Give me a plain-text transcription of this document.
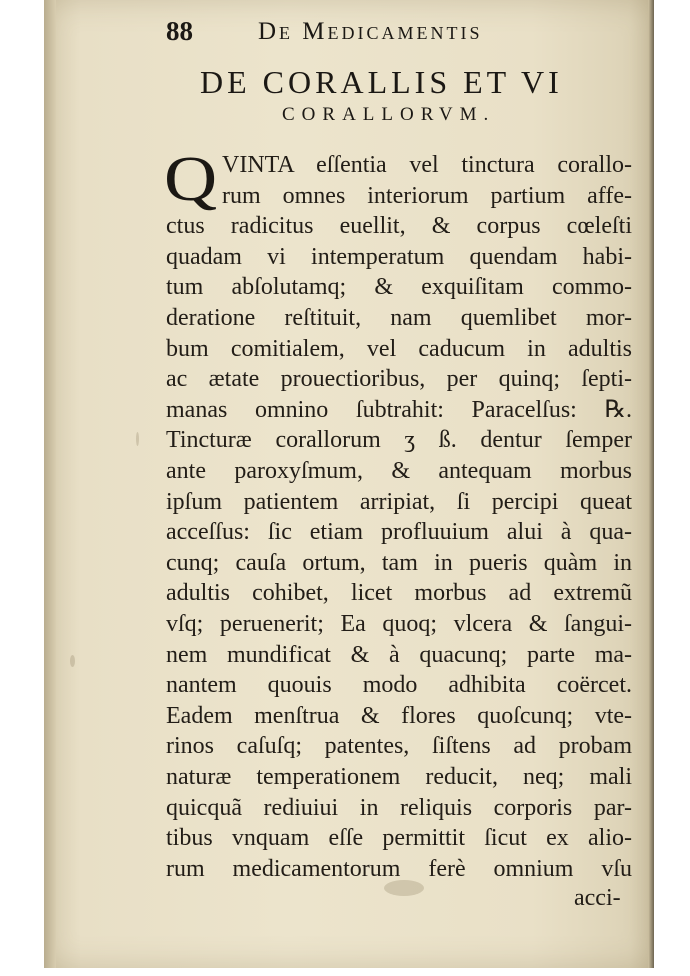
88	De Medicamentis
DE CORALLIS ET VI
CORALLORVM.
Q VINTA eſſentia vel tinctura corallo-
rum omnes interiorum partium affe-
ctus radicitus euellit, & corpus cœleſti
quadam vi intemperatum quendam habi-
tum abſolutamq; & exquiſitam commo-
deratione reſtituit, nam quemlibet mor-
bum comitialem, vel caducum in adultis
ac ætate prouectioribus, per quinq; ſepti-
manas omnino ſubtrahit: Paracelſus: ℞.
Tincturæ corallorum ʒ ß. dentur ſemper
ante paroxyſmum, & antequam morbus
ipſum patientem arripiat, ſi percipi queat
acceſſus: ſic etiam profluuium alui à qua-
cunq; cauſa ortum, tam in pueris quàm in
adultis cohibet, licet morbus ad extremũ
vſq; peruenerit; Ea quoq; vlcera & ſangui-
nem mundificat & à quacunq; parte ma-
nantem quouis modo adhibita coërcet.
Eadem menſtrua & flores quoſcunq; vte-
rinos caſuſq; patentes, ſiſtens ad probam
naturæ temperationem reducit, neq; mali
quicquã rediuiui in reliquis corporis par-
tibus vnquam eſſe permittit ſicut ex alio-
rum medicamentorum ferè omnium vſu
acci-
